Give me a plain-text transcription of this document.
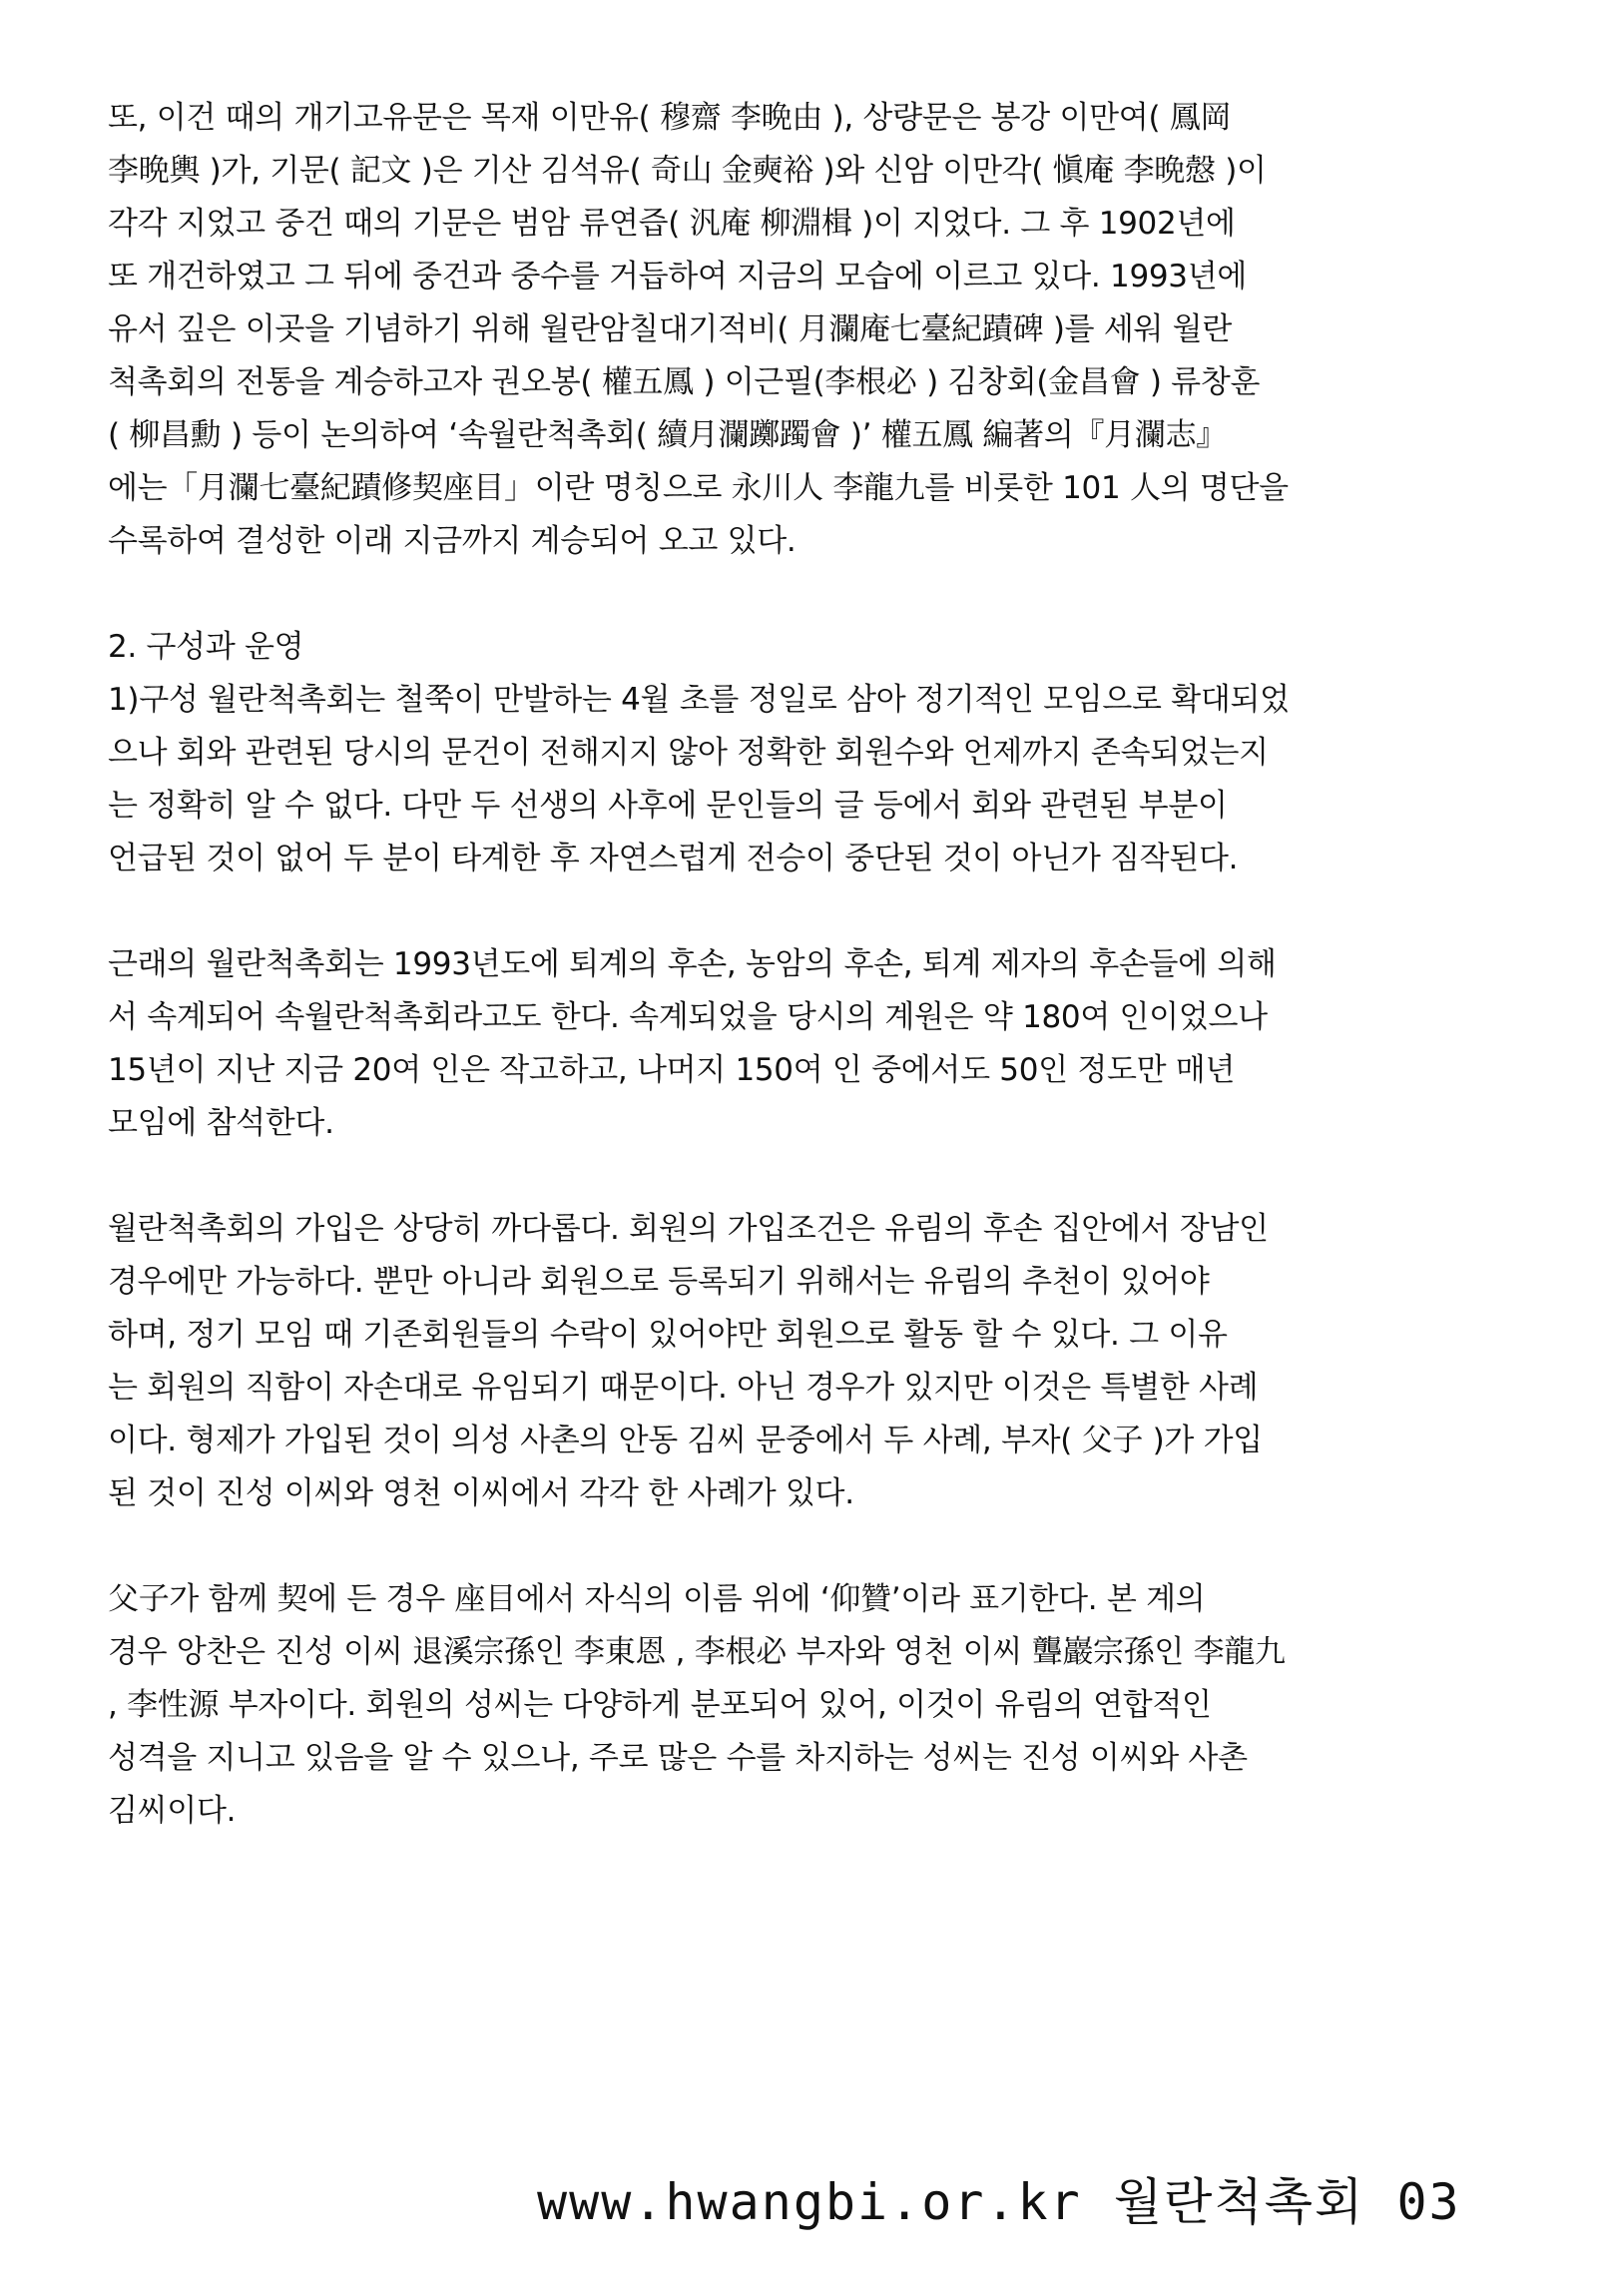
또, 이건 때의 개기고유문은 목재 이만유( 穆齋 李晩由 ), 상량문은 봉강 이만여( 鳳岡
李晩輿 )가, 기문( 記文 )은 기산 김석유( 奇山 金奭裕 )와 신암 이만각( 愼庵 李晩慤 )이
각각 지었고 중건 때의 기문은 범암 류연즙( 汎庵 柳淵楫 )이 지었다. 그 후 1902년에
또 개건하였고 그 뒤에 중건과 중수를 거듭하여 지금의 모습에 이르고 있다. 1993년에
유서 깊은 이곳을 기념하기 위해 월란암칠대기적비( 月瀾庵七臺紀蹟碑 )를 세워 월란
척촉회의 전통을 계승하고자 권오봉( 權五鳳 ) 이근필(李根必 ) 김창회(金昌會 ) 류창훈
( 柳昌勳 ) 등이 논의하여 ‘속월란척촉회( 續月瀾躑躅會 )’ 權五鳳 編著의『月瀾志』
에는「月瀾七臺紀蹟修契座目」이란 명칭으로 永川人 李龍九를 비롯한 101 人의 명단을
수록하여 결성한 이래 지금까지 계승되어 오고 있다.
2. 구성과 운영
1)구성 월란척촉회는 철쭉이 만발하는 4월 초를 정일로 삼아 정기적인 모임으로 확대되었
으나 회와 관련된 당시의 문건이 전해지지 않아 정확한 회원수와 언제까지 존속되었는지
는 정확히 알 수 없다. 다만 두 선생의 사후에 문인들의 글 등에서 회와 관련된 부분이
언급된 것이 없어 두 분이 타계한 후 자연스럽게 전승이 중단된 것이 아닌가 짐작된다.
근래의 월란척촉회는 1993년도에 퇴계의 후손, 농암의 후손, 퇴계 제자의 후손들에 의해
서 속계되어 속월란척촉회라고도 한다. 속계되었을 당시의 계원은 약 180여 인이었으나
15년이 지난 지금 20여 인은 작고하고, 나머지 150여 인 중에서도 50인 정도만 매년
모임에 참석한다.
월란척촉회의 가입은 상당히 까다롭다. 회원의 가입조건은 유림의 후손 집안에서 장남인
경우에만 가능하다. 뿐만 아니라 회원으로 등록되기 위해서는 유림의 추천이 있어야
하며, 정기 모임 때 기존회원들의 수락이 있어야만 회원으로 활동 할 수 있다. 그 이유
는 회원의 직함이 자손대로 유임되기 때문이다. 아닌 경우가 있지만 이것은 특별한 사례
이다. 형제가 가입된 것이 의성 사촌의 안동 김씨 문중에서 두 사례, 부자( 父子 )가 가입
된 것이 진성 이씨와 영천 이씨에서 각각 한 사례가 있다.
父子가 함께 契에 든 경우 座目에서 자식의 이름 위에 ‘仰贊’이라 표기한다. 본 계의
경우 앙찬은 진성 이씨 退溪宗孫인 李東恩 , 李根必 부자와 영천 이씨 聾巖宗孫인 李龍九
, 李性源 부자이다. 회원의 성씨는 다양하게 분포되어 있어, 이것이 유림의 연합적인
성격을 지니고 있음을 알 수 있으나, 주로 많은 수를 차지하는 성씨는 진성 이씨와 사촌
김씨이다.
www.hwangbi.or.kr 월란척촉회 03
